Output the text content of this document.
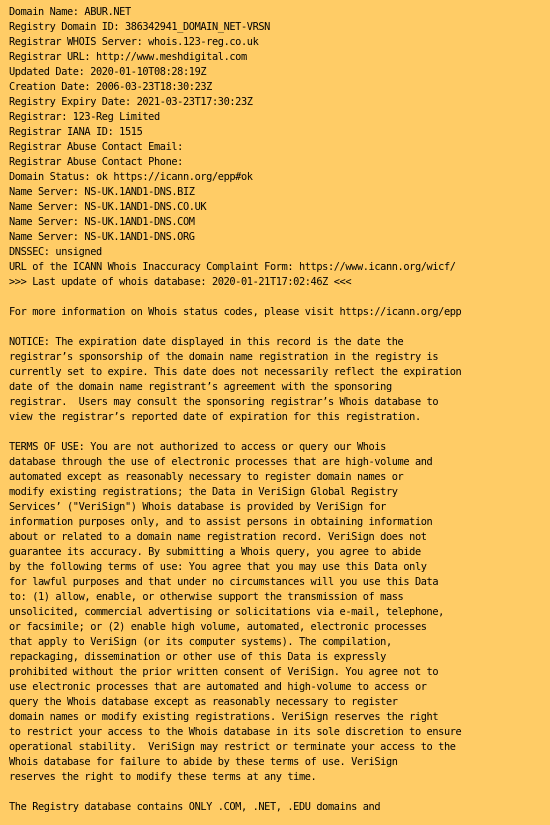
Domain Name: ABUR.NET
Registry Domain ID: 386342941_DOMAIN_NET-VRSN
Registrar WHOIS Server: whois.123-reg.co.uk
Registrar URL: http://www.meshdigital.com
Updated Date: 2020-01-10T08:28:19Z
Creation Date: 2006-03-23T18:30:23Z
Registry Expiry Date: 2021-03-23T17:30:23Z
Registrar: 123-Reg Limited
Registrar IANA ID: 1515
Registrar Abuse Contact Email:
Registrar Abuse Contact Phone:
Domain Status: ok https://icann.org/epp#ok
Name Server: NS-UK.1AND1-DNS.BIZ
Name Server: NS-UK.1AND1-DNS.CO.UK
Name Server: NS-UK.1AND1-DNS.COM
Name Server: NS-UK.1AND1-DNS.ORG
DNSSEC: unsigned
URL of the ICANN Whois Inaccuracy Complaint Form: https://www.icann.org/wicf/
>>> Last update of whois database: 2020-01-21T17:02:46Z <<<
For more information on Whois status codes, please visit https://icann.org/epp
NOTICE: The expiration date displayed in this record is the date the
registrar’s sponsorship of the domain name registration in the registry is
currently set to expire. This date does not necessarily reflect the expiration
date of the domain name registrant’s agreement with the sponsoring
registrar.  Users may consult the sponsoring registrar’s Whois database to
view the registrar’s reported date of expiration for this registration.
TERMS OF USE: You are not authorized to access or query our Whois
database through the use of electronic processes that are high-volume and
automated except as reasonably necessary to register domain names or
modify existing registrations; the Data in VeriSign Global Registry
Services’ ("VeriSign") Whois database is provided by VeriSign for
information purposes only, and to assist persons in obtaining information
about or related to a domain name registration record. VeriSign does not
guarantee its accuracy. By submitting a Whois query, you agree to abide
by the following terms of use: You agree that you may use this Data only
for lawful purposes and that under no circumstances will you use this Data
to: (1) allow, enable, or otherwise support the transmission of mass
unsolicited, commercial advertising or solicitations via e-mail, telephone,
or facsimile; or (2) enable high volume, automated, electronic processes
that apply to VeriSign (or its computer systems). The compilation,
repackaging, dissemination or other use of this Data is expressly
prohibited without the prior written consent of VeriSign. You agree not to
use electronic processes that are automated and high-volume to access or
query the Whois database except as reasonably necessary to register
domain names or modify existing registrations. VeriSign reserves the right
to restrict your access to the Whois database in its sole discretion to ensure
operational stability.  VeriSign may restrict or terminate your access to the
Whois database for failure to abide by these terms of use. VeriSign
reserves the right to modify these terms at any time.
The Registry database contains ONLY .COM, .NET, .EDU domains and
